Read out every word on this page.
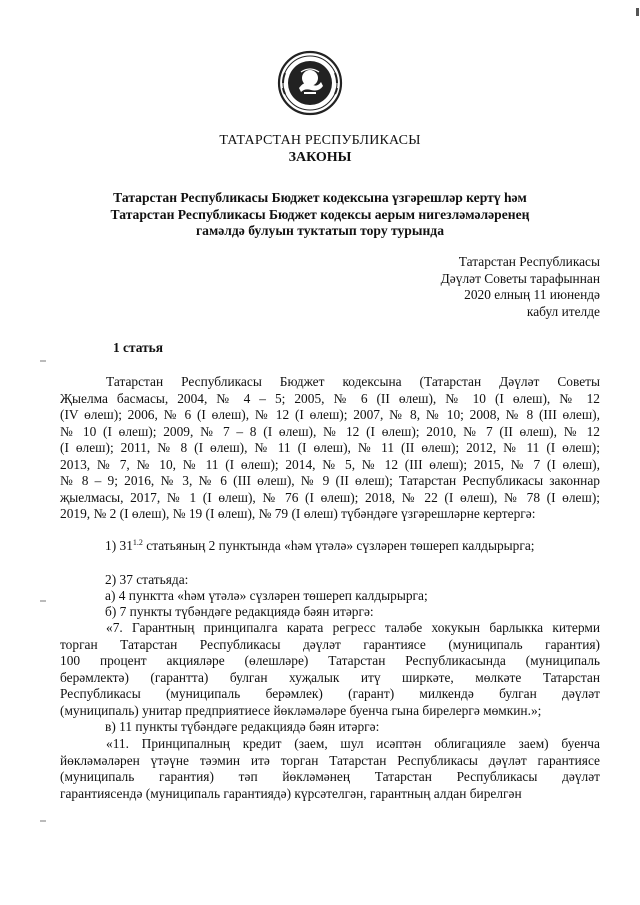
ТАТАРСТАН РЕСПУБЛИКАСЫ
ЗАКОНЫ
Татарстан Республикасы Бюджет кодексына үзгәрешләр кертү һәм
Татарстан Республикасы Бюджет кодексы аерым нигезләмәләренең
гамәлдә булуын туктатып тору турында
Татарстан Республикасы
Дәүләт Советы тарафыннан
2020 елның 11 июнендә
кабул ителде
1 статья
Татарстан Республикасы Бюджет кодексына (Татарстан Дәүләт Советы
Җыелма басмасы, 2004, № 4 – 5; 2005, № 6 (II өлеш), № 10 (I өлеш), № 12
(IV өлеш); 2006, № 6 (I өлеш), № 12 (I өлеш); 2007, № 8, № 10; 2008, № 8 (III өлеш),
№ 10 (I өлеш); 2009, № 7 – 8 (I өлеш), № 12 (I өлеш); 2010, № 7 (II өлеш), № 12
(I өлеш); 2011, № 8 (I өлеш), № 11 (I өлеш), № 11 (II өлеш); 2012, № 11 (I өлеш);
2013, № 7, № 10, № 11 (I өлеш); 2014, № 5, № 12 (III өлеш); 2015, № 7 (I өлеш),
№ 8 – 9; 2016, № 3, № 6 (III өлеш), № 9 (II өлеш); Татарстан Республикасы законнар
җыелмасы, 2017, № 1 (I өлеш), № 76 (I өлеш); 2018, № 22 (I өлеш), № 78 (I өлеш);
2019, № 2 (I өлеш), № 19 (I өлеш), № 79 (I өлеш) түбәндәге үзгәрешләрне кертергә:
1) $31^{1.2}$ статьяның 2 пунктында «һәм үтәлә» сүзләрен төшереп калдырырга;
2) 37 статьяда:
а) 4 пунктта «һәм үтәлә» сүзләрен төшереп калдырырга;
б) 7 пункты түбәндәге редакциядә бәян итәргә:
«7. Гарантның принципалга карата регресс таләбе хокукын барлыкка китерми
торган Татарстан Республикасы дәүләт гарантиясе (муниципаль гарантия)
100 процент акцияләре (өлешләре) Татарстан Республикасында (муниципаль
берәмлектә) (гарантта) булган хуҗалык итү ширкәте, мөлкәте Татарстан
Республикасы (муниципаль берәмлек) (гарант) милкендә булган дәүләт
(муниципаль) унитар предприятиесе йөкләмәләре буенча гына бирелергә мөмкин.»;
в) 11 пункты түбәндәге редакциядә бәян итәргә:
«11. Принципалның кредит (заем, шул исәптән облигацияле заем) буенча
йөкләмәләрен үтәүне тәэмин итә торган Татарстан Республикасы дәүләт гарантиясе
(муниципаль гарантия) тәп йөкләмәнең Татарстан Республикасы дәүләт
гарантиясендә (муниципаль гарантиядә) күрсәтелгән, гарантның алдан бирелгән
